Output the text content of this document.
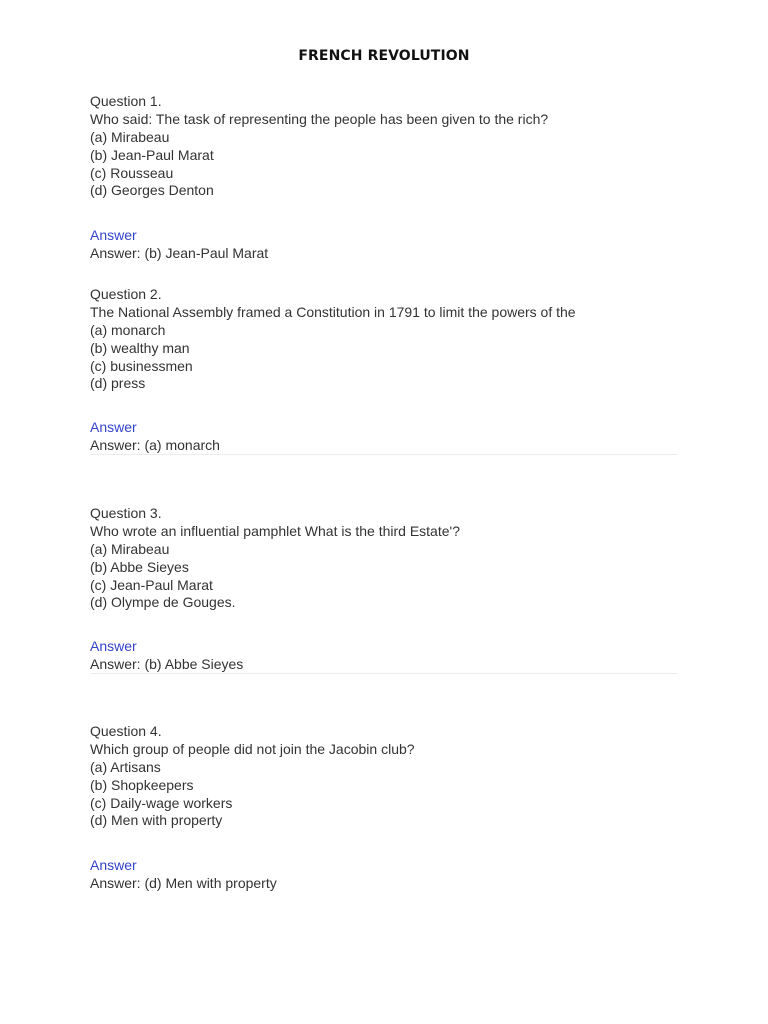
FRENCH REVOLUTION
Question 1.
Who said: The task of representing the people has been given to the rich?
(a) Mirabeau
(b) Jean-Paul Marat
(c) Rousseau
(d) Georges Denton
Answer
Answer: (b) Jean-Paul Marat
Question 2.
The National Assembly framed a Constitution in 1791 to limit the powers of the
(a) monarch
(b) wealthy man
(c) businessmen
(d) press
Answer
Answer: (a) monarch
Question 3.
Who wrote an influential pamphlet What is the third Estate'?
(a) Mirabeau
(b) Abbe Sieyes
(c) Jean-Paul Marat
(d) Olympe de Gouges.
Answer
Answer: (b) Abbe Sieyes
Question 4.
Which group of people did not join the Jacobin club?
(a) Artisans
(b) Shopkeepers
(c) Daily-wage workers
(d) Men with property
Answer
Answer: (d) Men with property
